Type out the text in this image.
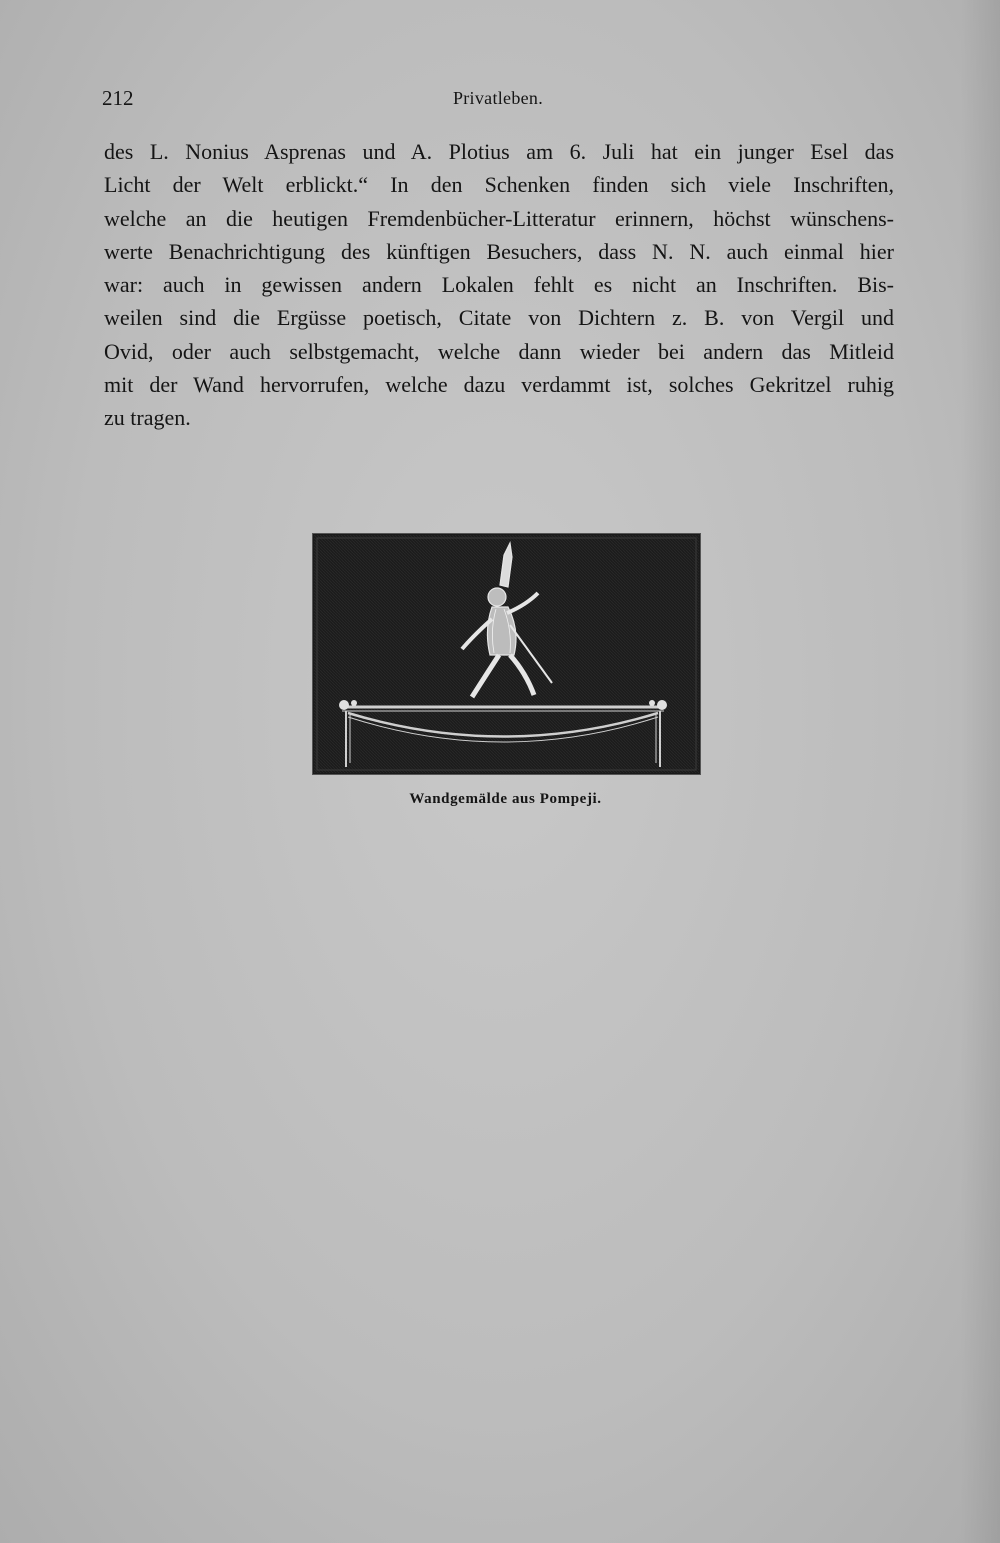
212	Privatleben.
des L. Nonius Asprenas und A. Plotius am 6. Juli hat ein junger Esel das
Licht der Welt erblickt.“ In den Schenken finden sich viele Inschriften,
welche an die heutigen Fremdenbücher-Litteratur erinnern, höchst wünschens-
werte Benachrichtigung des künftigen Besuchers, dass N. N. auch einmal hier
war: auch in gewissen andern Lokalen fehlt es nicht an Inschriften. Bis-
weilen sind die Ergüsse poetisch, Citate von Dichtern z. B. von Vergil und
Ovid, oder auch selbstgemacht, welche dann wieder bei andern das Mitleid
mit der Wand hervorrufen, welche dazu verdammt ist, solches Gekritzel ruhig
zu tragen.
Wandgemälde aus Pompeji.
